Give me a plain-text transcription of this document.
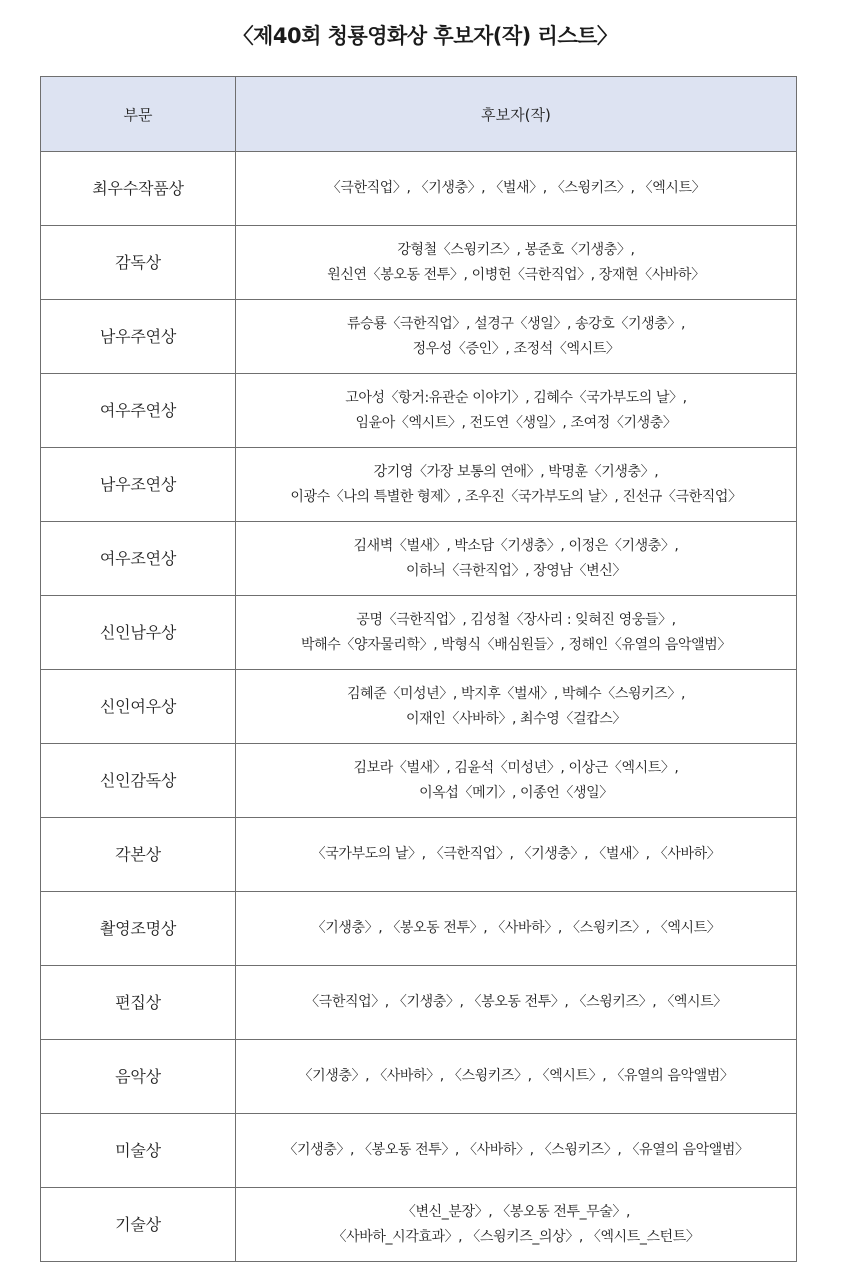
〈제40회 청룡영화상 후보자(작) 리스트〉
부문	후보자(작)
최우수작품상	〈극한직업〉, 〈기생충〉, 〈벌새〉, 〈스윙키즈〉, 〈엑시트〉

감독상	강형철〈스윙키즈〉, 봉준호〈기생충〉,
원신연〈봉오동 전투〉, 이병헌〈극한직업〉, 장재현〈사바하〉

남우주연상	류승룡〈극한직업〉, 설경구〈생일〉, 송강호〈기생충〉,
정우성〈증인〉, 조정석〈엑시트〉

여우주연상	고아성〈항거:유관순 이야기〉, 김혜수〈국가부도의 날〉,
임윤아〈엑시트〉, 전도연〈생일〉, 조여정〈기생충〉

남우조연상	강기영〈가장 보통의 연애〉, 박명훈〈기생충〉,
이광수〈나의 특별한 형제〉, 조우진〈국가부도의 날〉, 진선규〈극한직업〉

여우조연상	김새벽〈벌새〉, 박소담〈기생충〉, 이정은〈기생충〉,
이하늬〈극한직업〉, 장영남〈변신〉

신인남우상	공명〈극한직업〉, 김성철〈장사리 : 잊혀진 영웅들〉,
박해수〈양자물리학〉, 박형식〈배심원들〉, 정해인〈유열의 음악앨범〉

신인여우상	김혜준〈미성년〉, 박지후〈벌새〉, 박혜수〈스윙키즈〉,
이재인〈사바하〉, 최수영〈걸캅스〉

신인감독상	김보라〈벌새〉, 김윤석〈미성년〉, 이상근〈엑시트〉,
이옥섭〈메기〉, 이종언〈생일〉

각본상	〈국가부도의 날〉, 〈극한직업〉, 〈기생충〉, 〈벌새〉, 〈사바하〉

촬영조명상	〈기생충〉, 〈봉오동 전투〉, 〈사바하〉, 〈스윙키즈〉, 〈엑시트〉

편집상	〈극한직업〉, 〈기생충〉, 〈봉오동 전투〉, 〈스윙키즈〉, 〈엑시트〉

음악상	〈기생충〉, 〈사바하〉, 〈스윙키즈〉, 〈엑시트〉, 〈유열의 음악앨범〉

미술상	〈기생충〉, 〈봉오동 전투〉, 〈사바하〉, 〈스윙키즈〉, 〈유열의 음악앨범〉

기술상	〈변신_분장〉, 〈봉오동 전투_무술〉,
〈사바하_시각효과〉, 〈스윙키즈_의상〉, 〈엑시트_스턴트〉
